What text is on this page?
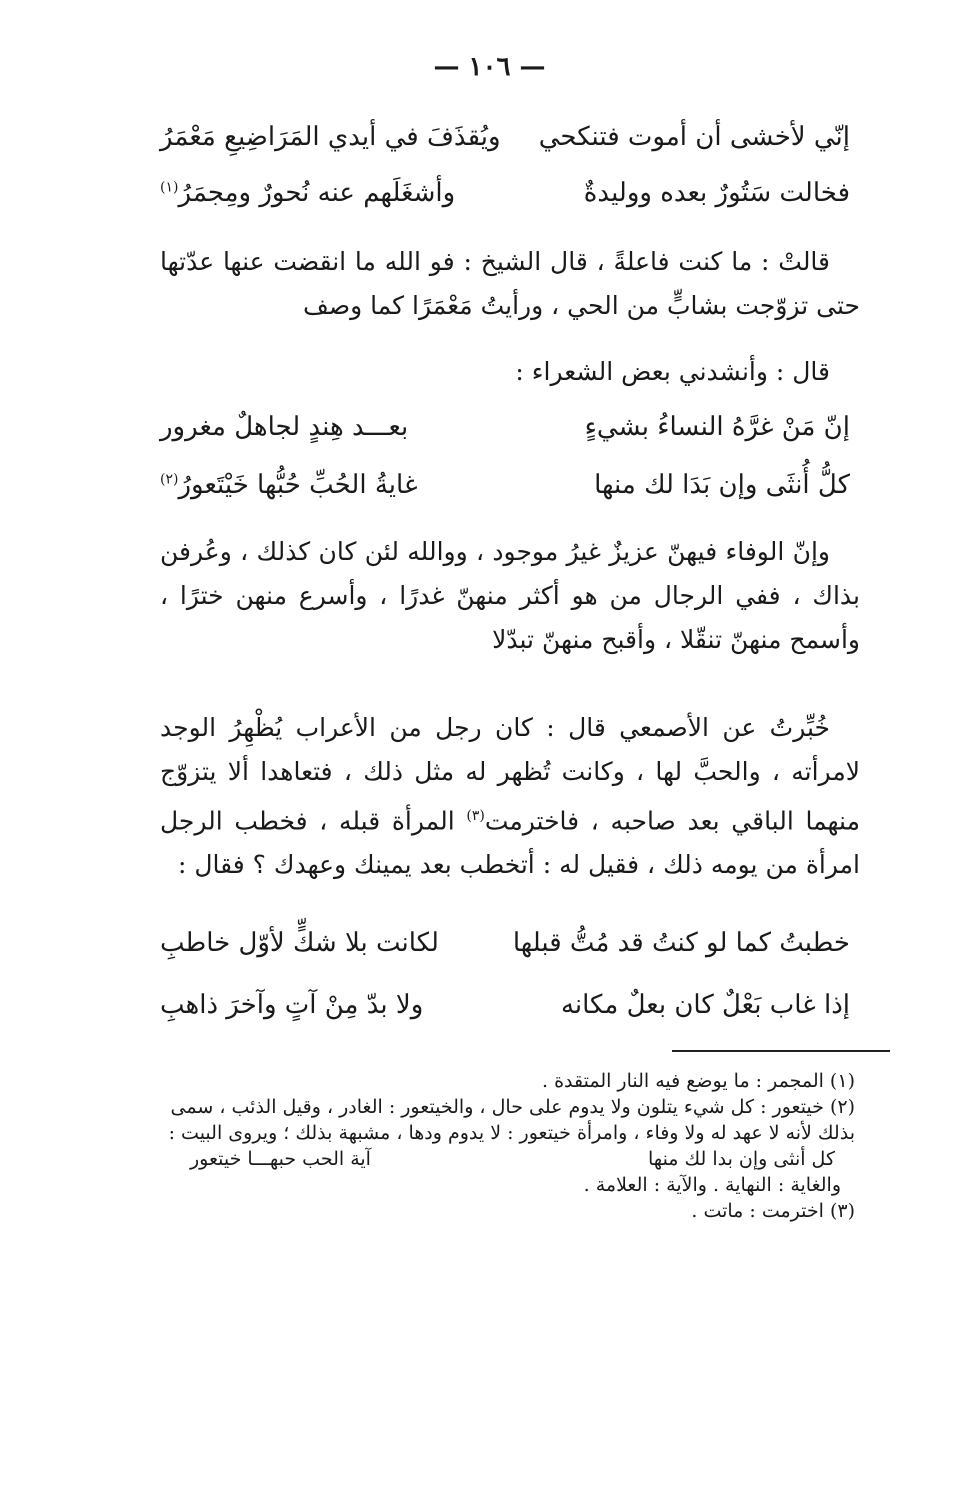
— ١٠٦ —
إنّي لأخشى أن أموت فتنكحي
ويُقذَفَ في أيدي المَرَاضِيعِ مَعْمَرُ
فخالت سَتُورٌ بعده ووليدةٌ
وأشغَلَهم عنه نُحورٌ ومِجمَرُ$^{(١)}$

قالتْ : ما كنت فاعلةً ، قال الشيخ : فو الله ما انقضت عنها عدّتها حتى تزوّجت بشابٍّ من الحي ، ورأيتُ مَعْمَرًا كما وصف

قال : وأنشدني بعض الشعراء :

إنّ مَنْ غرَّهُ النساءُ بشيءٍ
بعـــد هِندٍ لجاهلٌ مغرور
كلُّ أُنثَى وإن بَدَا لك منها
غايةُ الحُبِّ حُبُّها خَيْتَعورُ$^{(٢)}$

وإنّ الوفاء فيهنّ عزيزٌ غيرُ موجود ، ووالله لئن كان كذلك ، وعُرفن بذاك ، ففي الرجال من هو أكثر منهنّ غدرًا ، وأسرع منهن خترًا ، وأسمح منهنّ تنقّلا ، وأقبح منهنّ تبدّلا

خُبِّرتُ عن الأصمعي قال : كان رجل من الأعراب يُظْهِرُ الوجد لامرأته ، والحبَّ لها ، وكانت تُظهر له مثل ذلك ، فتعاهدا ألا يتزوّج منهما الباقي بعد صاحبه ، فاخترمت$^{(٣)}$ المرأة قبله ، فخطب الرجل امرأة من يومه ذلك ، فقيل له : أتخطب بعد يمينك وعهدك ؟ فقال :

خطبتُ كما لو كنتُ قد مُتُّ قبلها
لكانت بلا شكٍّ لأوّل خاطبِ
إذا غاب بَعْلٌ كان بعلٌ مكانه
ولا بدّ مِنْ آتٍ وآخرَ ذاهبِ

(١) المجمر : ما يوضع فيه النار المتقدة .

(٢) خيتعور : كل شيء يتلون ولا يدوم على حال ، والخيتعور : الغادر ، وقيل الذئب ، سمى بذلك لأنه لا عهد له ولا وفاء ، وامرأة خيتعور : لا يدوم ودها ، مشبهة بذلك ؛ ويروى البيت :

كل أنثى وإن بدا لك منها
آية الحب حبهـــا خيتعور

والغاية : النهاية . والآية : العلامة .

(٣) اخترمت : ماتت .
